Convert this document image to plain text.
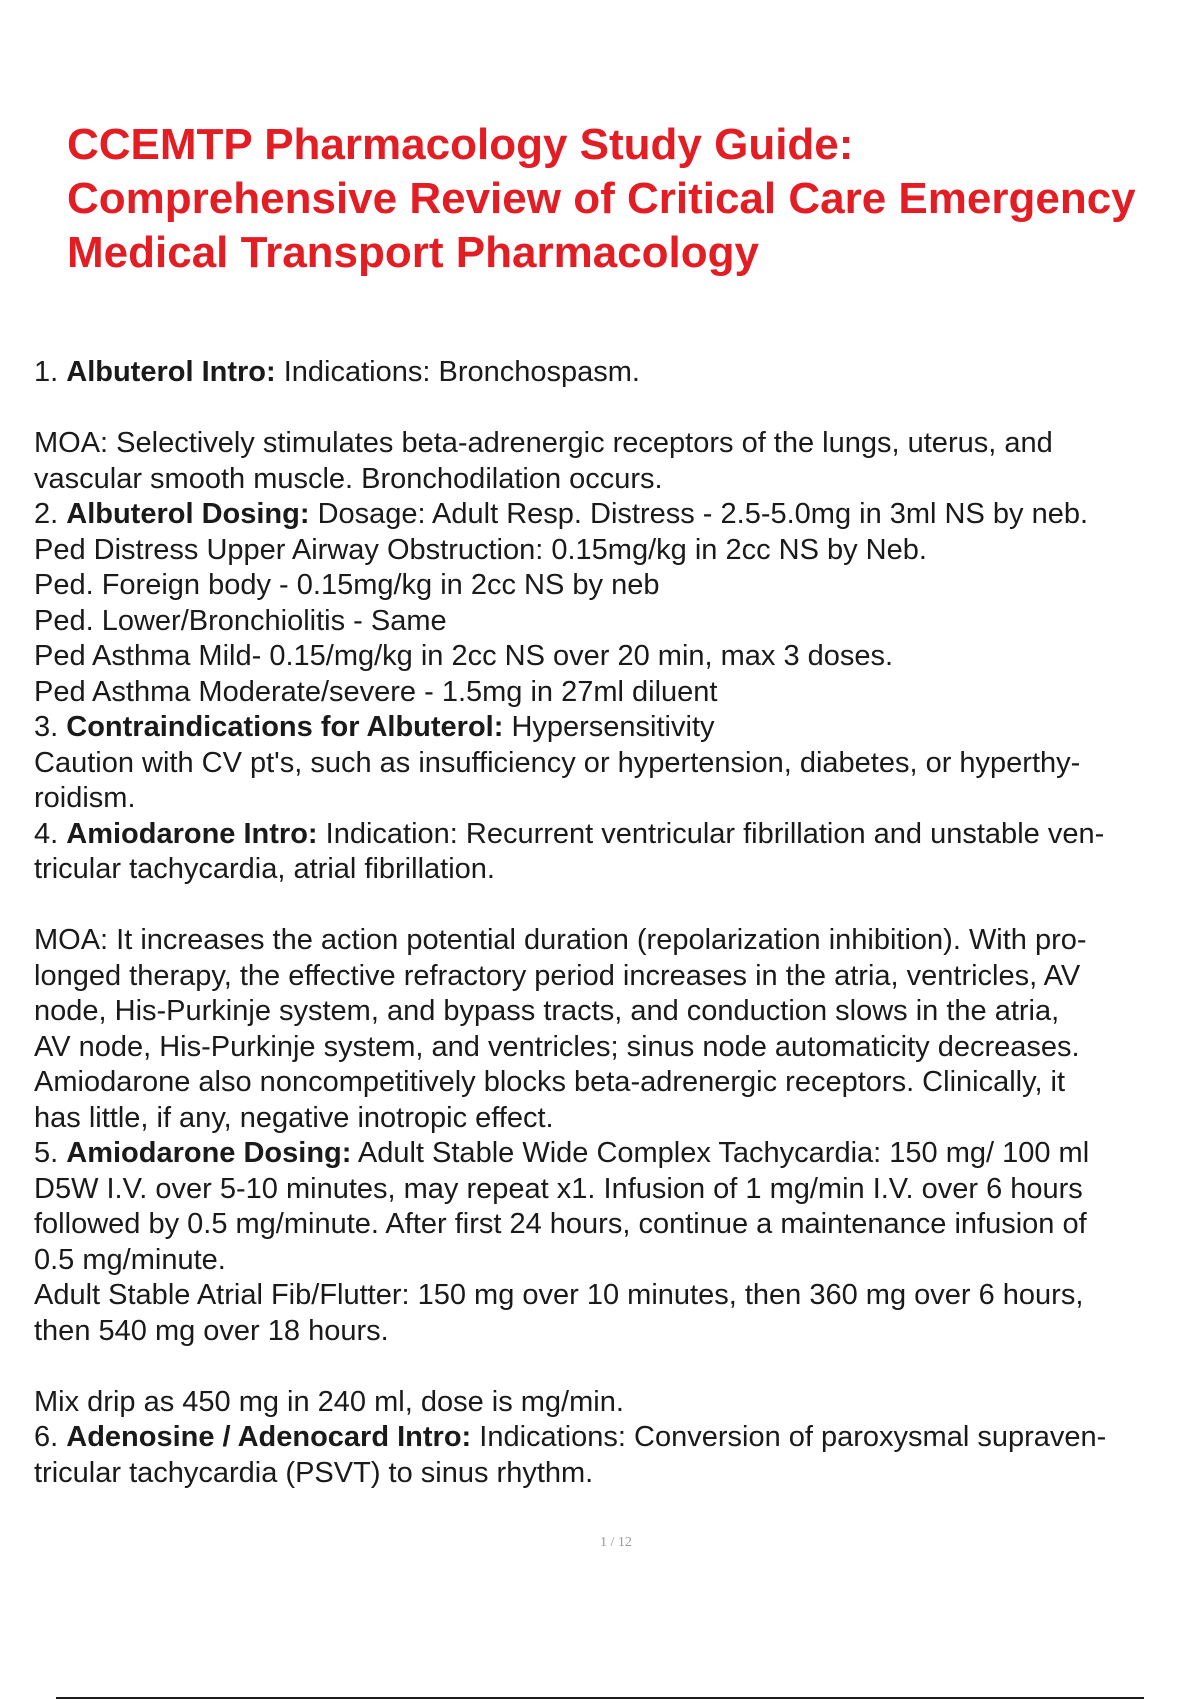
CCEMTP Pharmacology Study Guide:
Comprehensive Review of Critical Care Emergency
Medical Transport Pharmacology

1. Albuterol Intro: Indications: Bronchospasm.

MOA: Selectively stimulates beta-adrenergic receptors of the lungs, uterus, and

vascular smooth muscle. Bronchodilation occurs.

2. Albuterol Dosing: Dosage: Adult Resp. Distress - 2.5-5.0mg in 3ml NS by neb.

Ped Distress Upper Airway Obstruction: 0.15mg/kg in 2cc NS by Neb.

Ped. Foreign body - 0.15mg/kg in 2cc NS by neb

Ped. Lower/Bronchiolitis - Same

Ped Asthma Mild- 0.15/mg/kg in 2cc NS over 20 min, max 3 doses.

Ped Asthma Moderate/severe - 1.5mg in 27ml diluent

3. Contraindications for Albuterol: Hypersensitivity

Caution with CV pt's, such as insufficiency or hypertension, diabetes, or hyperthy-

roidism.

4. Amiodarone Intro: Indication: Recurrent ventricular fibrillation and unstable ven-

tricular tachycardia, atrial fibrillation.

MOA: It increases the action potential duration (repolarization inhibition). With pro-

longed therapy, the effective refractory period increases in the atria, ventricles, AV

node, His-Purkinje system, and bypass tracts, and conduction slows in the atria,

AV node, His-Purkinje system, and ventricles; sinus node automaticity decreases.

Amiodarone also noncompetitively blocks beta-adrenergic receptors. Clinically, it

has little, if any, negative inotropic effect.

5. Amiodarone Dosing: Adult Stable Wide Complex Tachycardia: 150 mg/ 100 ml

D5W I.V. over 5-10 minutes, may repeat x1. Infusion of 1 mg/min I.V. over 6 hours

followed by 0.5 mg/minute. After first 24 hours, continue a maintenance infusion of

0.5 mg/minute.

Adult Stable Atrial Fib/Flutter: 150 mg over 10 minutes, then 360 mg over 6 hours,

then 540 mg over 18 hours.

Mix drip as 450 mg in 240 ml, dose is mg/min.

6. Adenosine / Adenocard Intro: Indications: Conversion of paroxysmal supraven-

tricular tachycardia (PSVT) to sinus rhythm.

1 / 12
